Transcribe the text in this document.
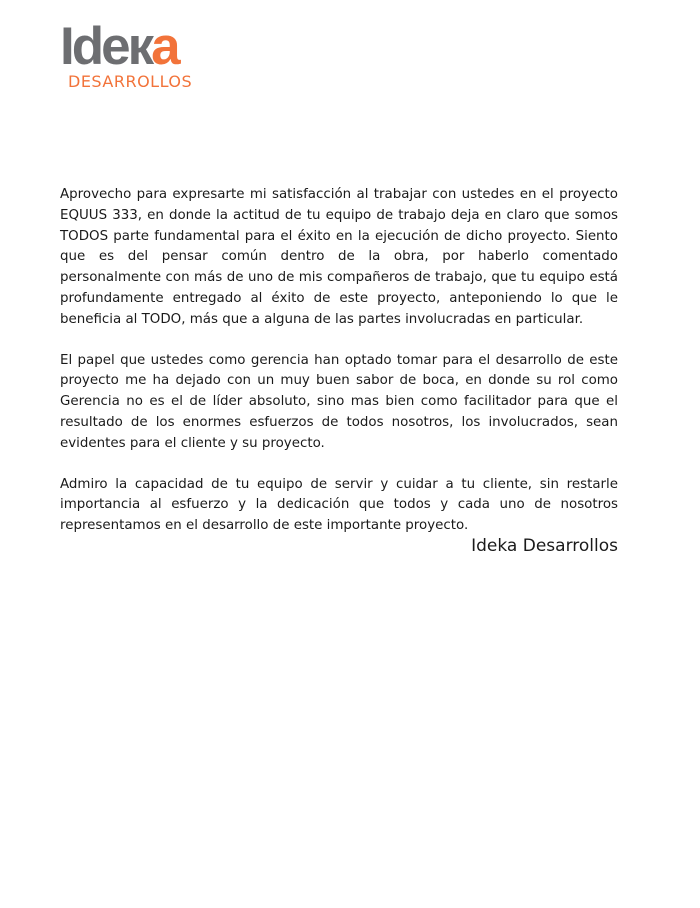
Ideкa
DESARROLLOS

Aprovecho para expresarte mi satisfacción al trabajar con ustedes en el proyecto EQUUS 333, en donde la actitud de tu equipo de trabajo deja en claro que somos TODOS parte fundamental para el éxito en la ejecución de dicho proyecto. Siento que es del pensar común dentro de la obra, por haberlo comentado personalmente con más de uno de mis compañeros de trabajo, que tu equipo está profundamente entregado al éxito de este proyecto, anteponiendo lo que le beneficia al TODO, más que a alguna de las partes involucradas en particular.

El papel que ustedes como gerencia han optado tomar para el desarrollo de este proyecto me ha dejado con un muy buen sabor de boca, en donde su rol como Gerencia no es el de líder absoluto, sino mas bien como facilitador para que el resultado de los enormes esfuerzos de todos nosotros, los involucrados, sean evidentes para el cliente y su proyecto.

Admiro la capacidad de tu equipo de servir y cuidar a tu cliente, sin restarle importancia al esfuerzo y la dedicación que todos y cada uno de nosotros representamos en el desarrollo de este importante proyecto.

Ideka Desarrollos
